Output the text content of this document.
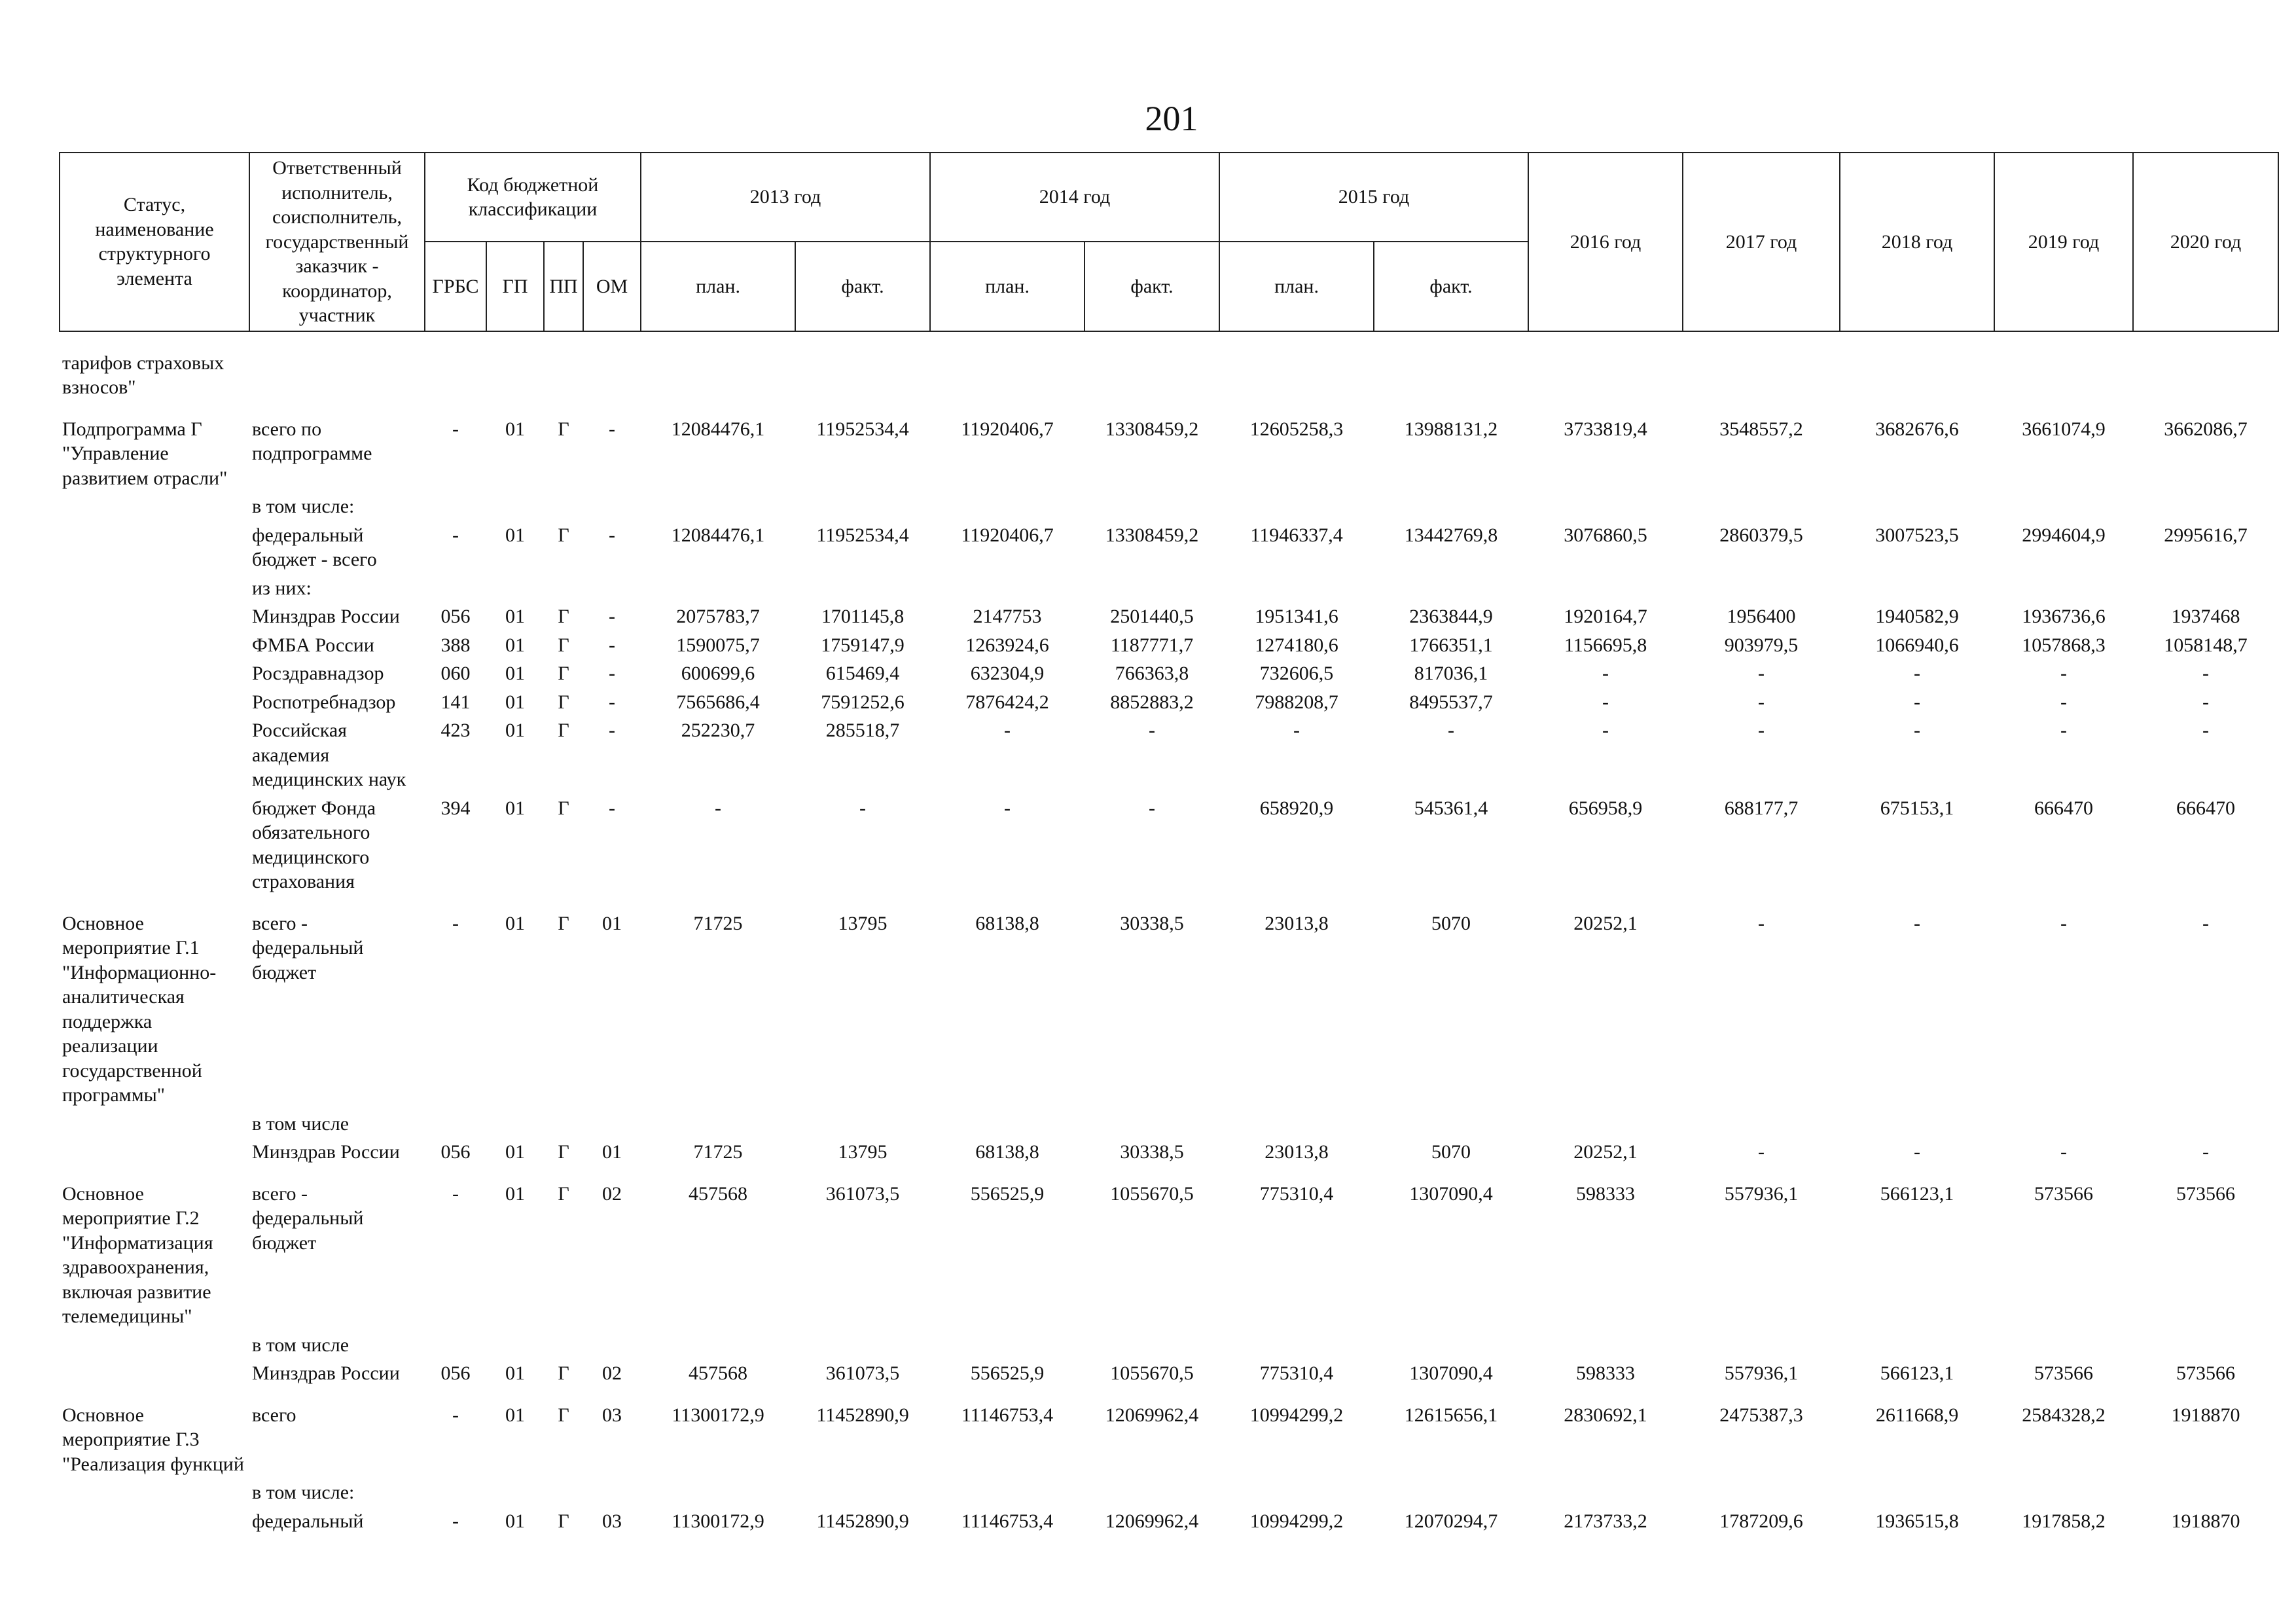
201
Статус, наименование структурного элемента	Ответственный исполнитель, соисполнитель, государственный заказчик - координатор, участник	Код бюджетной классификации				2013 год		2014 год		2015 год		2016 год	2017 год	2018 год	2019 год	2020 год
		ГРБС	ГП	ПП	ОМ	план.	факт.	план.	факт.	план.	факт.					

тарифов страховых взносов"																

Подпрограмма Г "Управление развитием отрасли"	всего по подпрограмме	-	01	Г	-	12084476,1	11952534,4	11920406,7	13308459,2	12605258,3	13988131,2	3733819,4	3548557,2	3682676,6	3661074,9	3662086,7
	в том числе:															
	федеральный бюджет - всего	-	01	Г	-	12084476,1	11952534,4	11920406,7	13308459,2	11946337,4	13442769,8	3076860,5	2860379,5	3007523,5	2994604,9	2995616,7
	из них:															
	Минздрав России	056	01	Г	-	2075783,7	1701145,8	2147753	2501440,5	1951341,6	2363844,9	1920164,7	1956400	1940582,9	1936736,6	1937468
	ФМБА России	388	01	Г	-	1590075,7	1759147,9	1263924,6	1187771,7	1274180,6	1766351,1	1156695,8	903979,5	1066940,6	1057868,3	1058148,7
	Росздравнадзор	060	01	Г	-	600699,6	615469,4	632304,9	766363,8	732606,5	817036,1	-	-	-	-	-
	Роспотребнадзор	141	01	Г	-	7565686,4	7591252,6	7876424,2	8852883,2	7988208,7	8495537,7	-	-	-	-	-
	Российская академия медицинских наук	423	01	Г	-	252230,7	285518,7	-	-	-	-	-	-	-	-	-
	бюджет Фонда обязательного медицинского страхования	394	01	Г	-	-	-	-	-	658920,9	545361,4	656958,9	688177,7	675153,1	666470	666470

Основное мероприятие Г.1 "Информационно-аналитическая поддержка реализации государственной программы"	всего - федеральный бюджет	-	01	Г	01	71725	13795	68138,8	30338,5	23013,8	5070	20252,1	-	-	-	-
	в том числе															
	Минздрав России	056	01	Г	01	71725	13795	68138,8	30338,5	23013,8	5070	20252,1	-	-	-	-

Основное мероприятие Г.2 "Информатизация здравоохранения, включая развитие телемедицины"	всего - федеральный бюджет	-	01	Г	02	457568	361073,5	556525,9	1055670,5	775310,4	1307090,4	598333	557936,1	566123,1	573566	573566
	в том числе															
	Минздрав России	056	01	Г	02	457568	361073,5	556525,9	1055670,5	775310,4	1307090,4	598333	557936,1	566123,1	573566	573566

Основное мероприятие Г.3 "Реализация функций	всего	-	01	Г	03	11300172,9	11452890,9	11146753,4	12069962,4	10994299,2	12615656,1	2830692,1	2475387,3	2611668,9	2584328,2	1918870
	в том числе:															
	федеральный	-	01	Г	03	11300172,9	11452890,9	11146753,4	12069962,4	10994299,2	12070294,7	2173733,2	1787209,6	1936515,8	1917858,2	1918870
